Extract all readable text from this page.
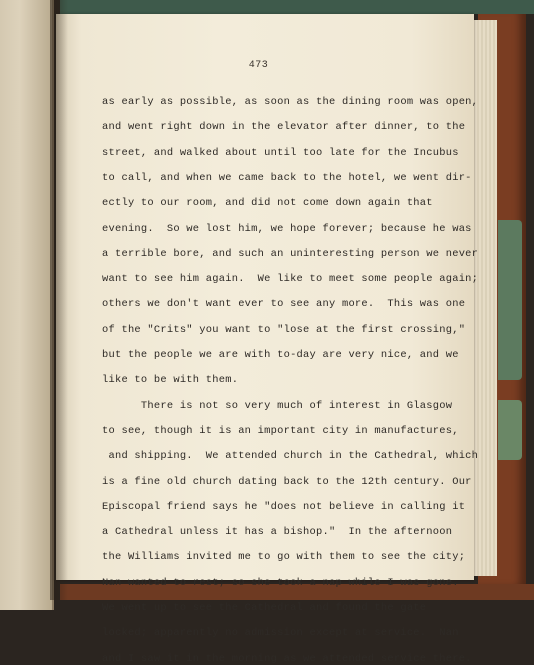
473
as early as possible, as soon as the dining room was open,
and went right down in the elevator after dinner, to the
street, and walked about until too late for the Incubus
to call, and when we came back to the hotel, we went dir-
ectly to our room, and did not come down again that
evening.  So we lost him, we hope forever; because he was
a terrible bore, and such an uninteresting person we never
want to see him again.  We like to meet some people again;
others we don't want ever to see any more.  This was one
of the "Crits" you want to "lose at the first crossing,"
but the people we are with to-day are very nice, and we
like to be with them.
There is not so very much of interest in Glasgow
to see, though it is an important city in manufactures,
and shipping.  We attended church in the Cathedral, which
is a fine old church dating back to the 12th century. Our
Episcopal friend says he "does not believe in calling it
a Cathedral unless it has a bishop."  In the afternoon
the Williams invited me to go with them to see the city;
Nan wanted to rest; so she took a nap while I was gone.
We went up to see the Cathedral and found the gate
locked; apparently no admission except at service.  Nan
and I saw it in the morning as we attended service there.
